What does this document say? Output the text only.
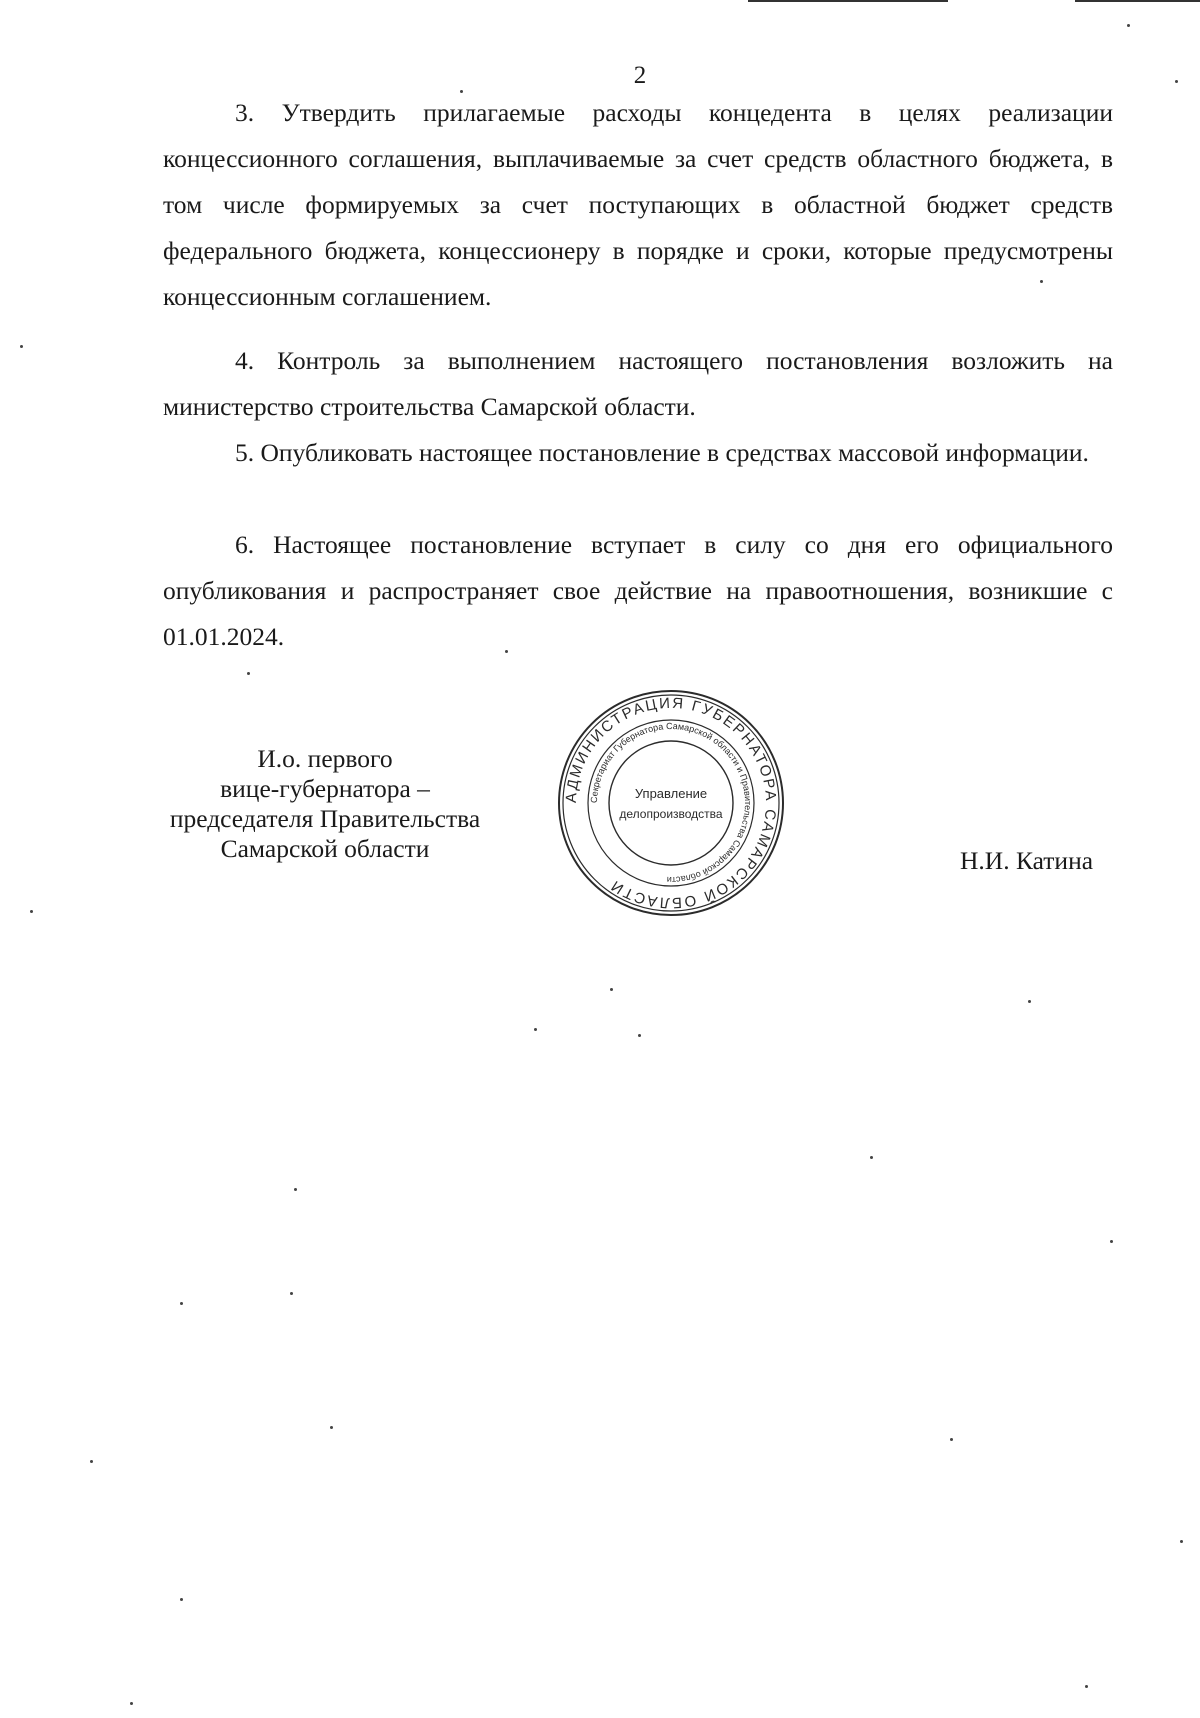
2

3. Утвердить прилагаемые расходы концедента в целях реализации концессионного соглашения, выплачиваемые за счет средств областного бюджета, в том числе формируемых за счет поступающих в областной бюджет средств федерального бюджета, концессионеру в порядке и сроки, которые предусмотрены концессионным соглашением.

4. Контроль за выполнением настоящего постановления возложить на министерство строительства Самарской области.

5. Опубликовать настоящее постановление в средствах массовой информации.

6. Настоящее постановление вступает в силу со дня его официального опубликования и распространяет свое действие на правоотношения, возникшие с 01.01.2024.

И.о. первого
вице-губернатора –
председателя Правительства
Самарской области
АДМИНИСТРАЦИЯ ГУБЕРНАТОРА САМАРСКОЙ ОБЛАСТИ
Секретариат Губернатора Самарской области и Правительства Самарской области
Управление
делопроизводства
Н.И. Катина
